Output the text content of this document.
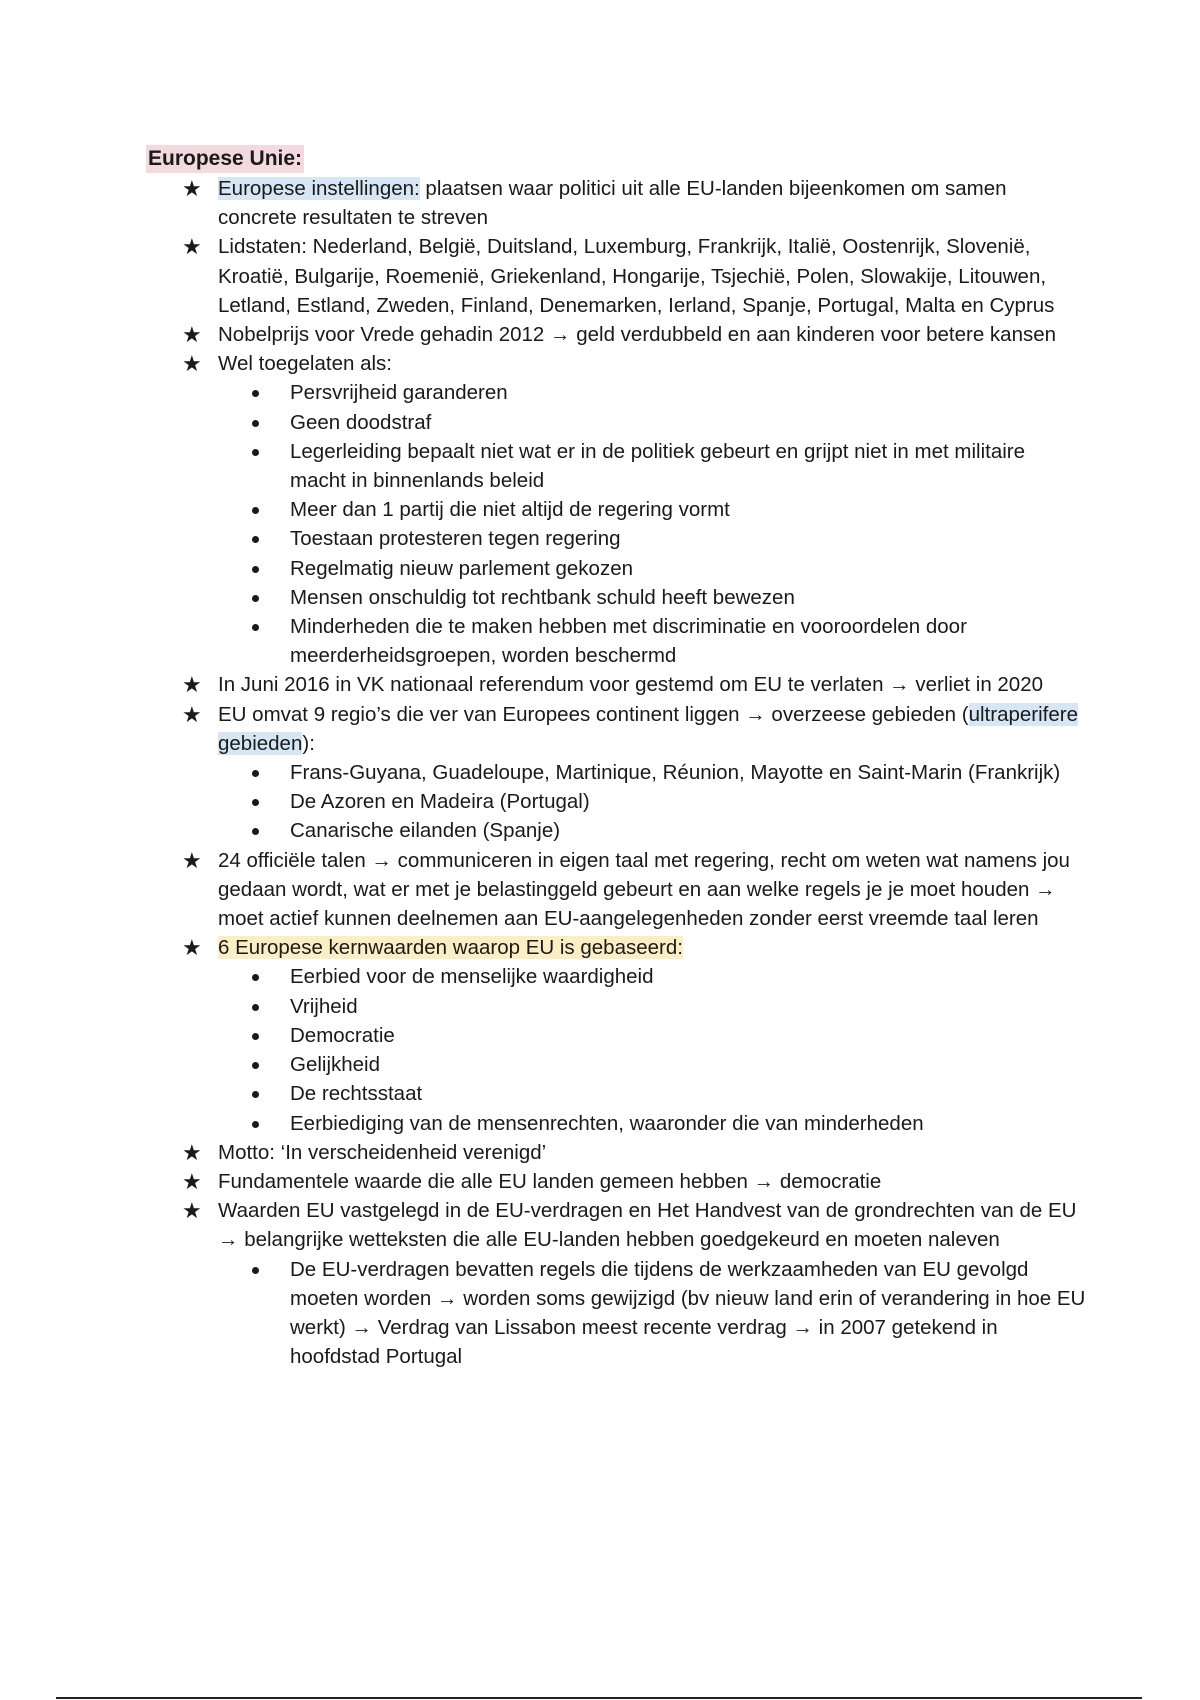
Europese Unie:
★ Europese instellingen: plaatsen waar politici uit alle EU-landen bijeenkomen om samen concrete resultaten te streven
★ Lidstaten: Nederland, België, Duitsland, Luxemburg, Frankrijk, Italië, Oostenrijk, Slovenië, Kroatië, Bulgarije, Roemenië, Griekenland, Hongarije, Tsjechië, Polen, Slowakije, Litouwen, Letland, Estland, Zweden, Finland, Denemarken, Ierland, Spanje, Portugal, Malta en Cyprus
★ Nobelprijs voor Vrede gehadin 2012 → geld verdubbeld en aan kinderen voor betere kansen
★ Wel toegelaten als:
Persvrijheid garanderen
Geen doodstraf
Legerleiding bepaalt niet wat er in de politiek gebeurt en grijpt niet in met militaire macht in binnenlands beleid
Meer dan 1 partij die niet altijd de regering vormt
Toestaan protesteren tegen regering
Regelmatig nieuw parlement gekozen
Mensen onschuldig tot rechtbank schuld heeft bewezen
Minderheden die te maken hebben met discriminatie en vooroordelen door meerderheidsgroepen, worden beschermd
★ In Juni 2016 in VK nationaal referendum voor gestemd om EU te verlaten → verliet in 2020
★ EU omvat 9 regio’s die ver van Europees continent liggen → overzeese gebieden (ultraperifere gebieden):
Frans-Guyana, Guadeloupe, Martinique, Réunion, Mayotte en Saint-Marin (Frankrijk)
De Azoren en Madeira (Portugal)
Canarische eilanden (Spanje)
★ 24 officiële talen → communiceren in eigen taal met regering, recht om weten wat namens jou gedaan wordt, wat er met je belastinggeld gebeurt en aan welke regels je je moet houden → moet actief kunnen deelnemen aan EU-aangelegenheden zonder eerst vreemde taal leren
★ 6 Europese kernwaarden waarop EU is gebaseerd:
Eerbied voor de menselijke waardigheid
Vrijheid
Democratie
Gelijkheid
De rechtsstaat
Eerbiediging van de mensenrechten, waaronder die van minderheden
★ Motto: ‘In verscheidenheid verenigd’
★ Fundamentele waarde die alle EU landen gemeen hebben → democratie
★ Waarden EU vastgelegd in de EU-verdragen en Het Handvest van de grondrechten van de EU → belangrijke wetteksten die alle EU-landen hebben goedgekeurd en moeten naleven
De EU-verdragen bevatten regels die tijdens de werkzaamheden van EU gevolgd moeten worden → worden soms gewijzigd (bv nieuw land erin of verandering in hoe EU werkt) → Verdrag van Lissabon meest recente verdrag → in 2007 getekend in hoofdstad Portugal
